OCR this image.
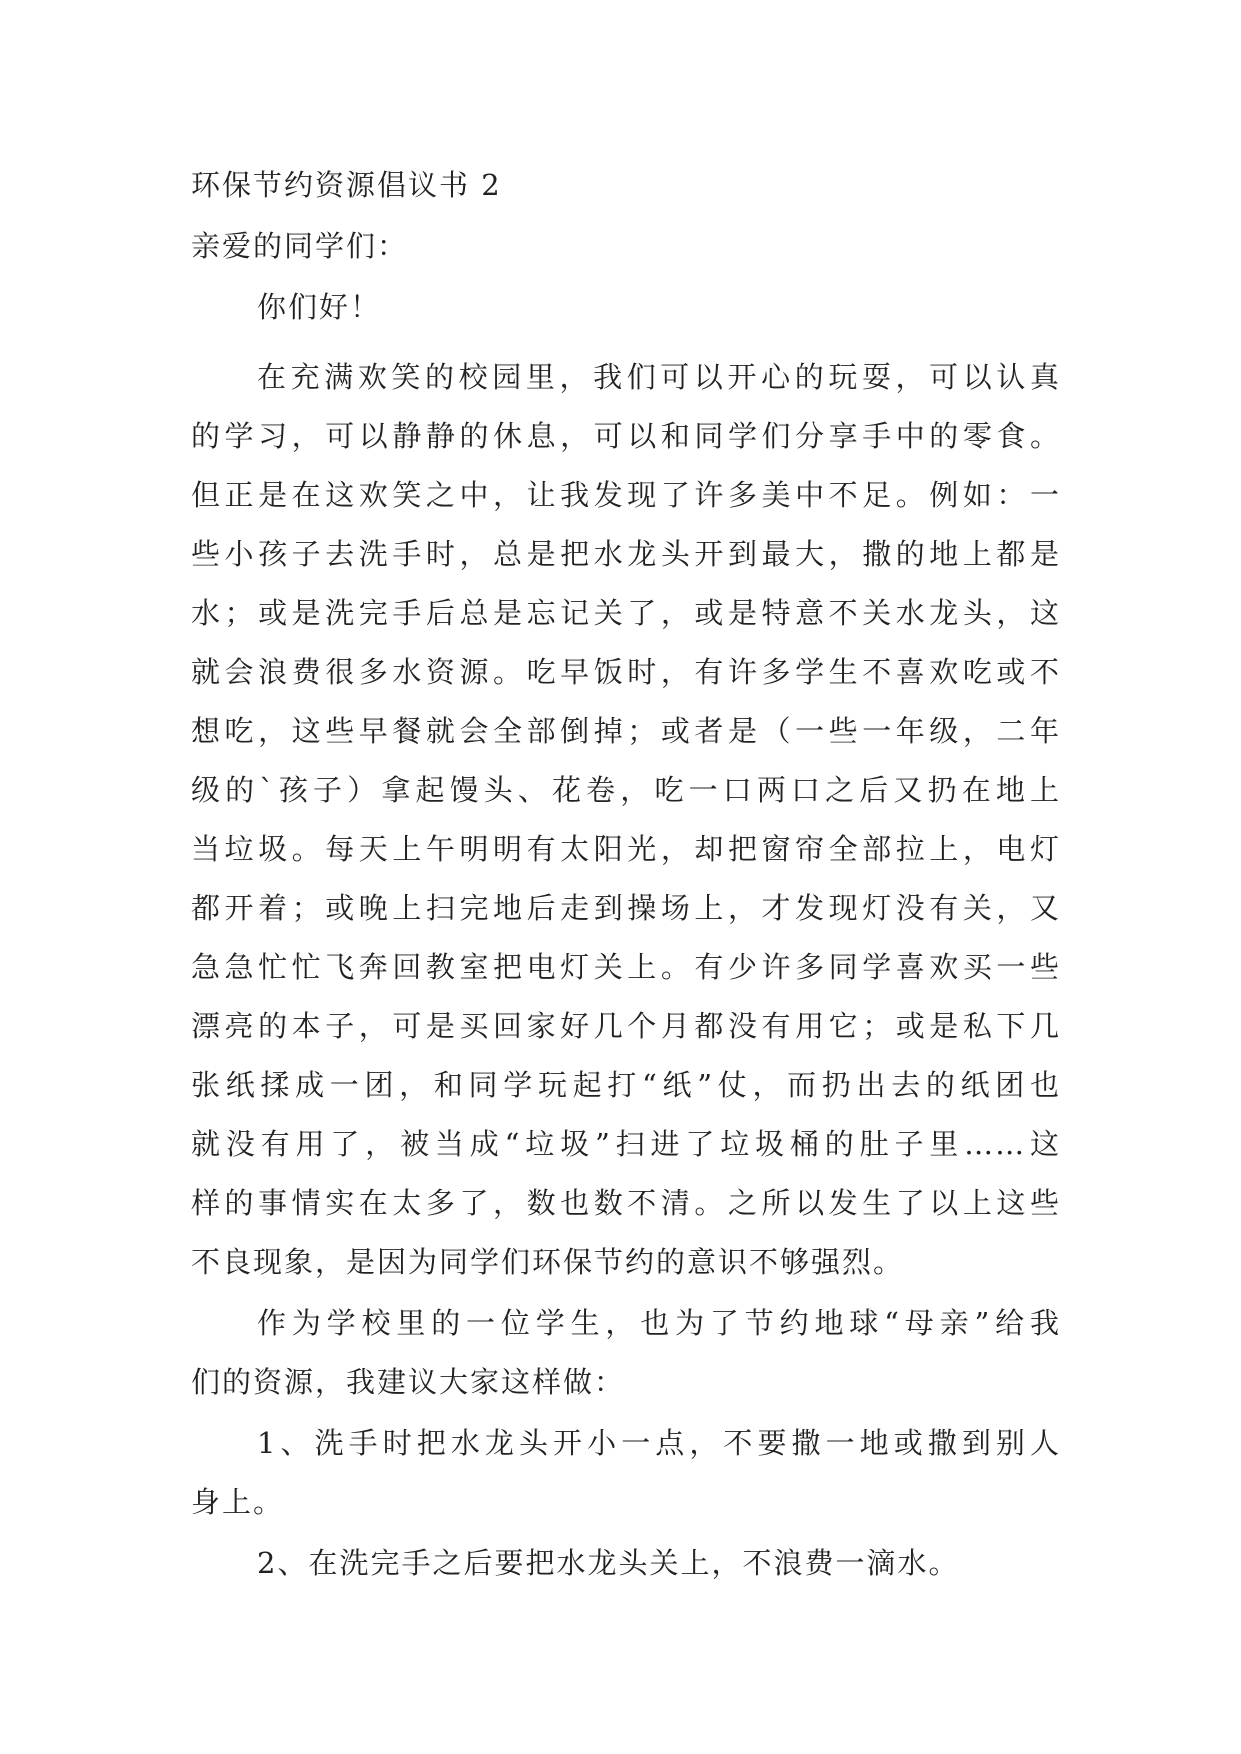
环保节约资源倡议书 2
亲爱的同学们：
你们好！
在充满欢笑的校园里，我们可以开心的玩耍，可以认真
的学习，可以静静的休息，可以和同学们分享手中的零食。
但正是在这欢笑之中，让我发现了许多美中不足。例如：一
些小孩子去洗手时，总是把水龙头开到最大，撒的地上都是
水；或是洗完手后总是忘记关了，或是特意不关水龙头，这
就会浪费很多水资源。吃早饭时，有许多学生不喜欢吃或不
想吃，这些早餐就会全部倒掉；或者是（一些一年级，二年
级的`孩子）拿起馒头、花卷，吃一口两口之后又扔在地上
当垃圾。每天上午明明有太阳光，却把窗帘全部拉上，电灯
都开着；或晚上扫完地后走到操场上，才发现灯没有关，又
急急忙忙飞奔回教室把电灯关上。有少许多同学喜欢买一些
漂亮的本子，可是买回家好几个月都没有用它；或是私下几
张纸揉成一团，和同学玩起打“纸”仗，而扔出去的纸团也
就没有用了，被当成“垃圾”扫进了垃圾桶的肚子里……这
样的事情实在太多了，数也数不清。之所以发生了以上这些
不良现象，是因为同学们环保节约的意识不够强烈。
作为学校里的一位学生，也为了节约地球“母亲”给我
们的资源，我建议大家这样做：
1、洗手时把水龙头开小一点，不要撒一地或撒到别人
身上。
2、在洗完手之后要把水龙头关上，不浪费一滴水。
